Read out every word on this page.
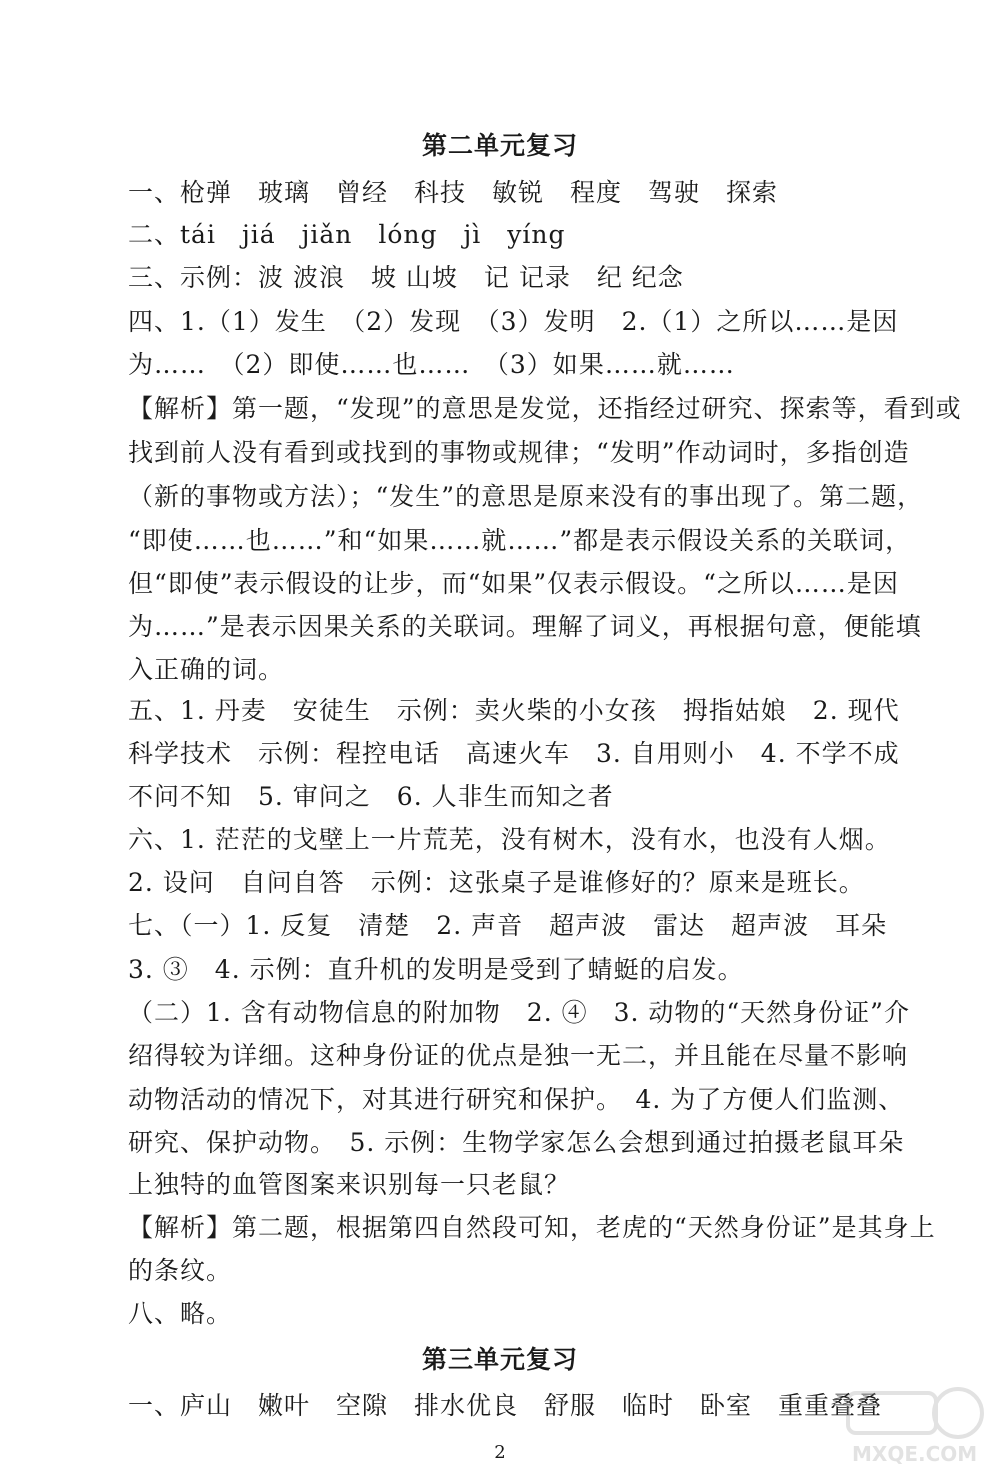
第二单元复习
一、枪弹　玻璃　曾经　科技　敏锐　程度　驾驶　探索
二、tái　jiá　jiǎn　lóng　jì　yíng
三、示例：波 波浪　坡 山坡　记 记录　纪 纪念
四、1.（1）发生　（2）发现　（3）发明　2.（1）之所以……是因
为……　（2）即使……也……　（3）如果……就……
【解析】第一题，“发现”的意思是发觉，还指经过研究、探索等，看到或
找到前人没有看到或找到的事物或规律；“发明”作动词时，多指创造
（新的事物或方法）；“发生”的意思是原来没有的事出现了。第二题，
“即使……也……”和“如果……就……”都是表示假设关系的关联词，
但“即使”表示假设的让步，而“如果”仅表示假设。“之所以……是因
为……”是表示因果关系的关联词。理解了词义，再根据句意，便能填
入正确的词。
五、1. 丹麦　安徒生　示例：卖火柴的小女孩　拇指姑娘　2. 现代
科学技术　示例：程控电话　高速火车　3. 自用则小　4. 不学不成
不问不知　5. 审问之　6. 人非生而知之者
六、1. 茫茫的戈壁上一片荒芜，没有树木，没有水，也没有人烟。
2. 设问　自问自答　示例：这张桌子是谁修好的？原来是班长。
七、（一）1. 反复　清楚　2. 声音　超声波　雷达　超声波　耳朵
3. ③　4. 示例：直升机的发明是受到了蜻蜓的启发。
（二）1. 含有动物信息的附加物　2. ④　3. 动物的“天然身份证”介
绍得较为详细。这种身份证的优点是独一无二，并且能在尽量不影响
动物活动的情况下，对其进行研究和保护。　4. 为了方便人们监测、
研究、保护动物。　5. 示例：生物学家怎么会想到通过拍摄老鼠耳朵
上独特的血管图案来识别每一只老鼠？
【解析】第二题，根据第四自然段可知，老虎的“天然身份证”是其身上
的条纹。
八、略。
第三单元复习
一、庐山　嫩叶　空隙　排水优良　舒服　临时　卧室　重重叠叠
2	MXQE.COM
